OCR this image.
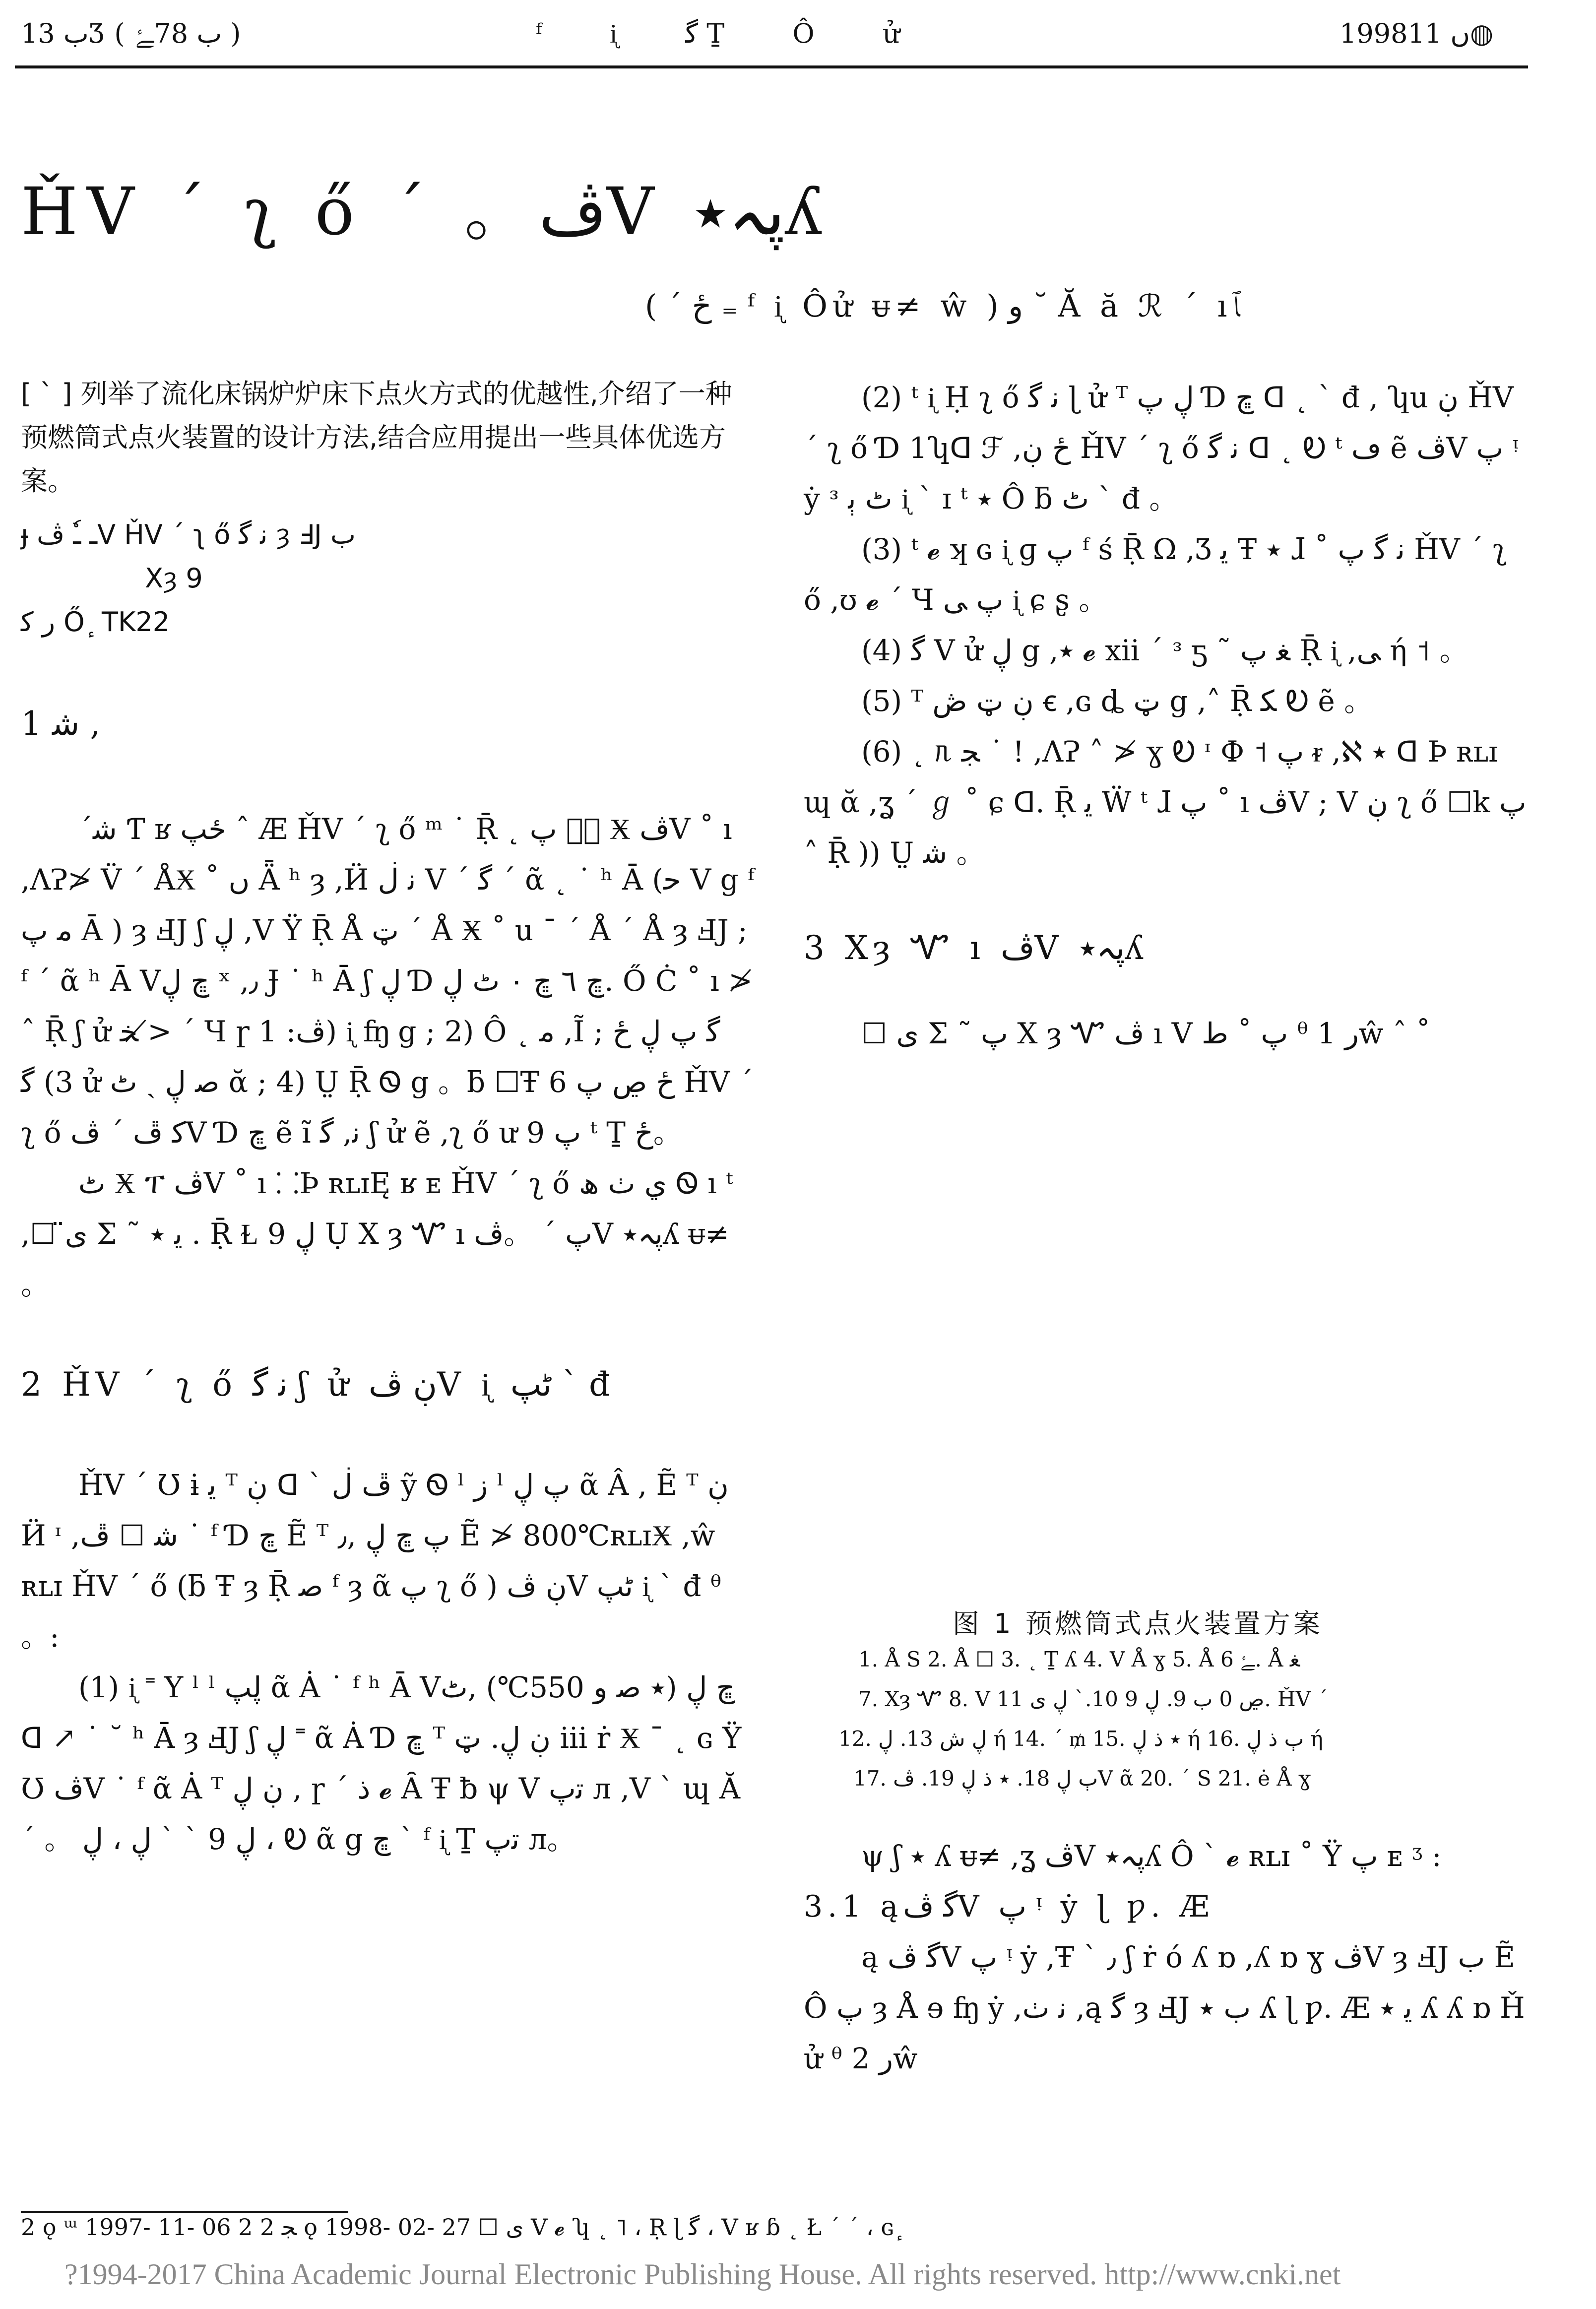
ب 13Ʒ ( ب 78ﮱ )	ᶠ ᶖ ﮔ Ṯ Ô ử	1998ں 11◍
ȞV ˊ ʅ ő ˊ 。ڤV پہ٭ʎ
( ˊ ځ ₌ ᶠ ᶖ Ôử ᵾ≠ ŵ ) ﻭ ˘ Ă ă ℛ ˊ ıﭑ

[ ˋ ] 列举了流化床锅炉炉床下点火方式的优越性,介绍了一种预燃筒式点火装置的设计方法,结合应用提出一些具体优选方案。

ɟ ـ ـٗ ڤV ȞV ˊ ʅ ő ﻧ ﮔ ȝ ℲJ ب

Xȝ 9

ﺭ ﮐ Ő ٕ TK22

1 ﺷ ,

ˊﺷ Ƭ ʁ ځپ ˆ Æ ȞV ˊ ʅ ő ᵐ ˙ Ṝ ˛ ڡ٘ پ Ӿ ڤV ˚ ı ,ɅɁ≯ V̈ ˊ ÅӾ ˚ ں Ǟ ʰ ȝ ,Ӥ ﻧ ڶ V ˊ ﮔ ˊ ᾶ ˛ ˙ ʰ Ā (ﺣ V g ᶠ ﻣ پ Ā ) ȝ ℲJ ʃ ڸ ,V Ÿ Ṝ Å ټ ˊ Å Ӿ ˚ u ¯ ˊ Å ˊ Å ȝ ℲJ ; ᶠ ˊ ᾶ ʰ Ā Vڇ ڸ ˣ ,٫ Ɉ ˙ ʰ Ā ʃ ڸ Ɗ ڇ ٦ ڇ ٠ ٹ ڸ. Ő Ċ ˚ ı ≯ ˆ Ṝ ʃ ử ﺨ ≯ ˊ Ч ɼ ڤ: 1) ᶖ ʩ g ; 2) Ô ˛ ﻣ ,Ĩ ﮔ پ ڸ ځ ; 3) ﮔ ử ﺻ ڸ ˏ ٹ ᾰ ; 4) Ṳ Ṝ Ꮻ g 。ƃ ☐Ŧ 6 ځ ڝ پ ȞV ˊ ʅ ő ﮐ ڦ ˊ ڤV Ɗ ڇ ẽ ĩ ﻧ, ﮔ ʃ ử ẽ ,ʅ ő ư 9 پ ᵗ Ṯ ځ。

ٹ Ӿ ፐ ڤV ˚ ı ⸬Þ ʀʟɪĘ ʁ ᴇ ȞV ˊ ʅ ő ﻱ ٺ ﮪ Ꮻ ı ᵗ ,☐ ﻯ̈ Ʃ ˜ ﻳ ٭ . Ṝ Ɫ ڸ 9 Ụ X ȝ Ꮙ ı پ ˊ 。ڤV پہ٭ʎ ᵾ≠ 。

2 ȞV ˊ ʅ ő ﻧ ﮔ ʃ ử ڹ ڤV ᶖ ٹپ ˋ đ

ȞV ˊ Ʊ ɨ ﻳ ᵀ ڹ ᗡ ˋ ڦ ڶ ỹ Ꮻ ˡ ﺯ ˡ پ ڸ ᾶ Â , Ẽ ᵀ ڹ Ӥ ᶦ ,ﺷ ☐ ڦ ˙ ᶠ Ɗ ڇ Ẽ ᵀ پ ڇ ڸ ,٫ Ẽ ≯ 800℃ʀʟɪӾ ,ŵ ʀʟɪ ȞV ˊ ő (ƃ Ŧ ȝ Ṝ ﺻ ᶠ ȝ ᾶ پ ʅ ő ) ڹ ڤV ٹپ ᶖ ˋ đ ᶿ 。:

(1) ᶖ ˭ Y ˡ ˡ ڸپ ᾶ Ȧ ˙ ᶠ ʰ Ā Vڇ ڸ (٭ ﺻ ﻭ 550℃) ,ٹ ᗡ ↗ ˙ ˘ ʰ Ā ȝ ℲJ ʃ ڸ ˭ ᾶ Ȧ Ɗ ڇ ᵀ ڹ ڸ. ټ ⅲ ṙ Ӿ ¯ ˛ ɢ Ÿ Ʊ ڤV ˙ ᶠ ᾶ Ȧ ᵀ ڹ ڸ , ɼ ˊ ﺫ 𝓮 Ȃ Ŧ ƀ ψ V ﺗپ л ,V ˋ ɰ Ă ˊ 。 ڸ 9 ˋ ˋ ڸ ، ڸ ، Ꭷ ᾶ g ڇ ˋ ᶠ ᶖ Ṯ ﺗپ л。

(2) ᵗ ᶖ Ḥ ʅ ő ﻧ ﮔ ɭ ử ᵀ ڸ پ Ɗ ڇ ᗡ ˛ ˋ đ , ʮu ڹ ȞV ˊ ʅ ő Ɗ 1ʮᗡ ℱ ,ځ ڹ ȞV ˊ ʅ ő ﻧ ﮔ ᗡ ˛ Ꭷ ᵗ ڡ ẽ ڤV پ ᵎ ẏ ᵌ ٹ ﯦ ᶖ ˋ ɪ ᵗ ٭ Ô ƃ ٹ ˋ đ 。

(3) ᵗ 𝓮 ʞ ɢ ᶖ ɡ پ ᶠ ś Ṝ Ω ,Ʒ ﻳ Ŧ ٭ ɺ ˚ ﻧ ﮔ پ ȞV ˊ ʅ ő ,ʊ 𝓮 ˊ Ч پ ﯽ ᶖ ɕ ʂ 。

(4) ﮔ V ử ڸ g ,٭ 𝓮 xii ˊ ᵌ ƽ ˜ ﻐ پ Ṝ ᶖ ,ﯽ ή ˦ 。

(5) ᵀ ڹ ټ ڞ ꞓ ,ɢ ȡ ټ g ,˄ Ṝ ﮑ Ꭷ ẽ 。

(6) ˛ ᥰ ﺠ ˙ ! ,ɅɁ ˄ ≯ ɣ Ꭷ ᶦ Ф ˦ پ ᵲ ,ℵ ٭ ᗡ Þ ʀʟɪ ɰ ᾰ ,ʓ ˊ ℊ ˚ ɕ ᗡ. Ṝ ﻳ Ẅ ᵗ ɺ پ ˚ ı ڤV ; V ڹ ʅ ő ☐k پ ˄ Ṝ )) Ṳ ﺷ 。

3 Xȝ Ꮙ ı ڤV پہ٭ʎ

☐ ﻯ Ʃ ˜ پ X ȝ Ꮙ ڤ ı V پ ˚ ﻁ ᶿ ﺭ 1ŵ ˆ ˚

图 1 预燃筒式点火装置方案
1. Å S 2. Å ☐ 3. ˛ Ṯ ʎ 4. V Å ɣ 5. Å ﮱ 6. Å ﻐ
7. Xȝ Ꮙ 8. V ڝ 0 ب 9. ڸ 9 10.ˋ ڸ ﻯ 11. ȞV ˊ
12. ڸ ﺵ 13. ڸ ή 14. ˊ ₥ 15. ٭ ﺫ ڸ ή 16. ٻ ﺫ ڸ ή
17. ٻ ڸ 18. ٭ ﺫ ڸ 19. ڤV ᾶ 20. ˊ S 21. ė Å ɣ

ψ ʃ ٭ ʎ ᵾ≠ ,ʓ ڤV پہ٭ʎ Ô ˋ 𝓮 ʀʟɪ ˚ Ÿ پ ᴇ ᶾ :

3.1 ąﮔ ڤV پ ᵎ ẏ ɭ ƿ. Æ

ą ﮔ ڤV پ ᵎ ẏ ,Ŧ ˋ ٫ ʃ ṙ ó ʎ ɒ ,ʎ ɒ ɣ ڤV ȝ ℲJ ب Ẽ Ô پ ȝ Å ɘ ʩ ẏ ,ﻧ ٺ ,ą ﮔ ȝ ℲJ ب ٭ ʎ ɭ ƿ. Æ ﻳ ٭ ʎ ʎ ɒ Ȟ ử ᶿ ﺭ 2ŵ

2 ǫ ᵚ 1997- 11- 06 2 ﺠ 2 ǫ 1998- 02- 27 ☐ ﻯ V 𝓮 ʮ ˛ ˥ ، Ṛ ɭ ﮔ ، V ʁ ɓ ˛ Ł ˊ ˊ ، ɢ ٕ
?1994-2017 China Academic Journal Electronic Publishing House. All rights reserved. http://www.cnki.net
